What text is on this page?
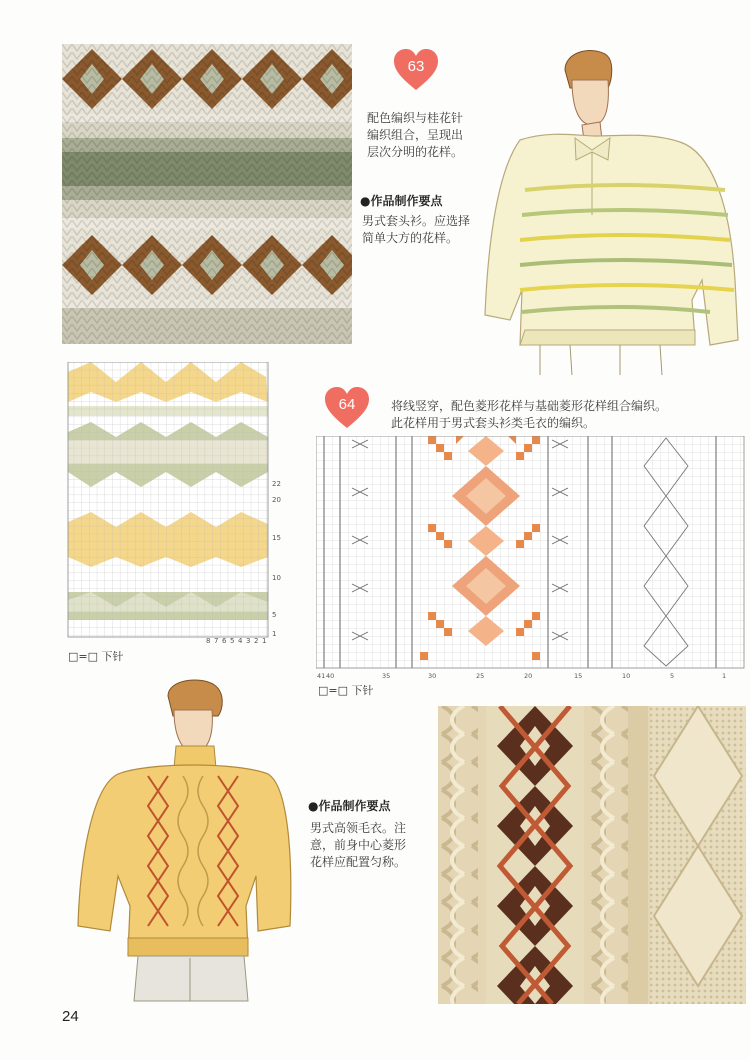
63
配色编织与桂花针
编织组合，呈现出
层次分明的花样。
●作品制作要点
男式套头衫。应选择
简单大方的花样。
22
20
15
10
5
1
8 7 6 5 4 3 2 1
□=□ 下针
64	将线竖穿，配色菱形花样与基础菱形花样组合编织。
此花样用于男式套头衫类毛衣的编织。
41 40	35	30	25	20	15	10	5	1
□=□ 下针
●作品制作要点
男式高领毛衣。注
意，前身中心菱形
花样应配置匀称。
24
